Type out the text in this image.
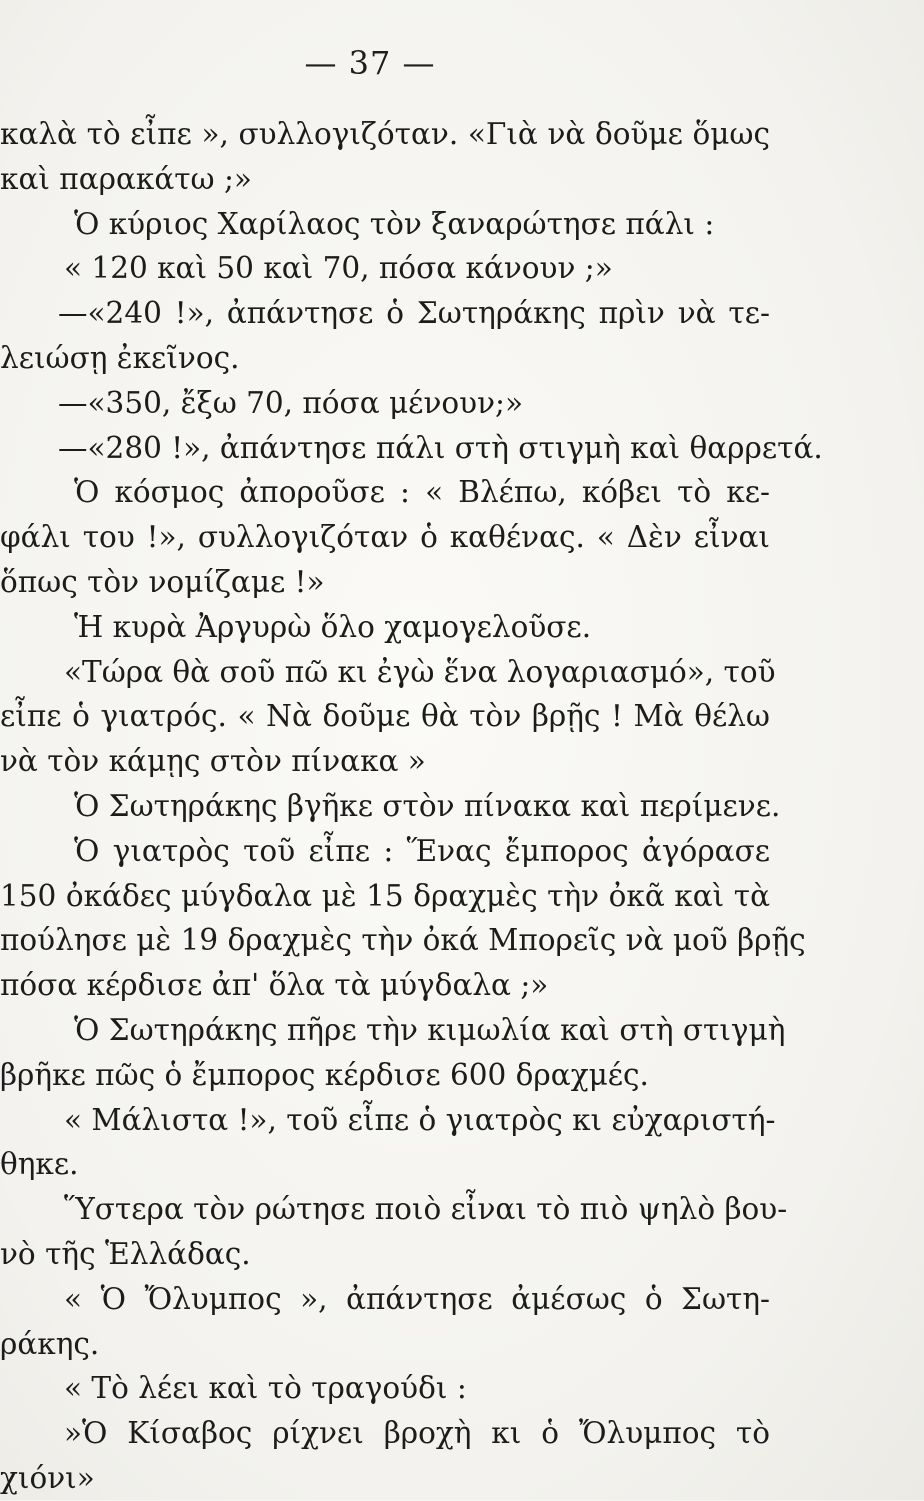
— 37 —
καλὰ τὸ εἶπε », συλλογιζόταν. «Γιὰ νὰ δοῦμε ὅμως
καὶ παρακάτω ;»
Ὁ κύριος Χαρίλαος τὸν ξαναρώτησε πάλι :
« 120 καὶ 50 καὶ 70, πόσα κάνουν ;»
—«240 !», ἀπάντησε ὁ Σωτηράκης πρὶν νὰ τε-
λειώσῃ ἐκεῖνος.
—«350, ἔξω 70, πόσα μένουν;»
—«280 !», ἀπάντησε πάλι στὴ στιγμὴ καὶ θαρρετά.
Ὁ κόσμος ἀποροῦσε : « Βλέπω, κόβει τὸ κε-
φάλι του !», συλλογιζόταν ὁ καθένας. « Δὲν εἶναι
ὅπως τὸν νομίζαμε !»
Ἡ κυρὰ Ἀργυρὼ ὅλο χαμογελοῦσε.
«Τώρα θὰ σοῦ πῶ κι ἐγὼ ἕνα λογαριασμό», τοῦ
εἶπε ὁ γιατρός. « Νὰ δοῦμε θὰ τὸν βρῇς ! Μὰ θέλω
νὰ τὸν κάμῃς στὸν πίνακα »
Ὁ Σωτηράκης βγῆκε στὸν πίνακα καὶ περίμενε.
Ὁ γιατρὸς τοῦ εἶπε : Ἕνας ἔμπορος ἀγόρασε
150 ὀκάδες μύγδαλα μὲ 15 δραχμὲς τὴν ὀκᾶ καὶ τὰ
πούλησε μὲ 19 δραχμὲς τὴν ὀκά Μπορεῖς νὰ μοῦ βρῇς
πόσα κέρδισε ἀπ' ὅλα τὰ μύγδαλα ;»
Ὁ Σωτηράκης πῆρε τὴν κιμωλία καὶ στὴ στιγμὴ
βρῆκε πῶς ὁ ἔμπορος κέρδισε 600 δραχμές.
« Μάλιστα !», τοῦ εἶπε ὁ γιατρὸς κι εὐχαριστή-
θηκε.
Ὕστερα τὸν ρώτησε ποιὸ εἶναι τὸ πιὸ ψηλὸ βου-
νὸ τῆς Ἑλλάδας.
« Ὁ Ὄλυμπος », ἀπάντησε ἀμέσως ὁ Σωτη-
ράκης.
« Τὸ λέει καὶ τὸ τραγούδι :
»Ὁ Κίσαβος ρίχνει βροχὴ κι ὁ Ὄλυμπος τὸ
χιόνι»
